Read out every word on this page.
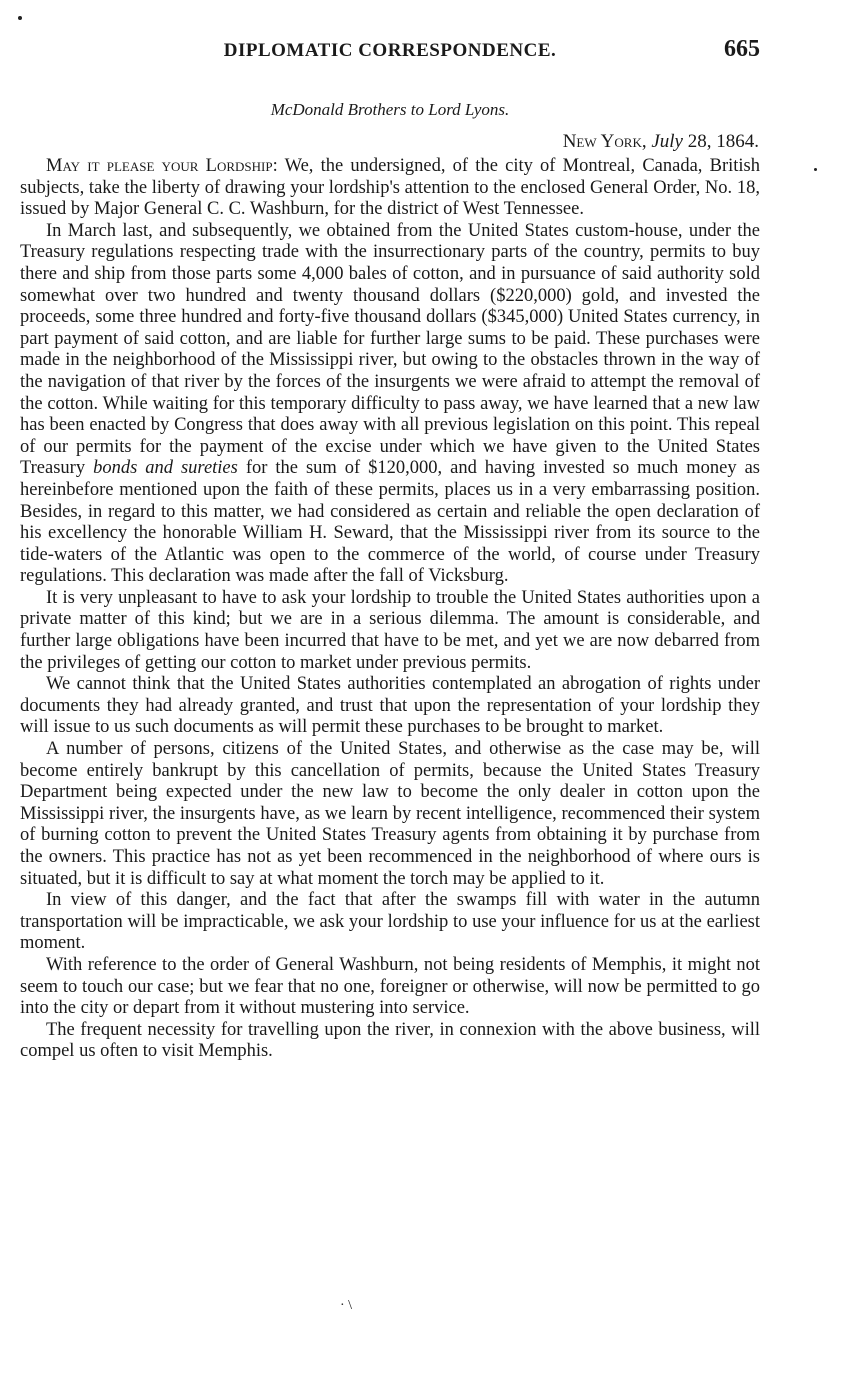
DIPLOMATIC CORRESPONDENCE.	665
McDonald Brothers to Lord Lyons.
New York, July 28, 1864.

May it please your Lordship: We, the undersigned, of the city of Montreal, Canada, British subjects, take the liberty of drawing your lordship's attention to the enclosed General Order, No. 18, issued by Major General C. C. Washburn, for the district of West Tennessee.

In March last, and subsequently, we obtained from the United States custom-house, under the Treasury regulations respecting trade with the insurrectionary parts of the country, permits to buy there and ship from those parts some 4,000 bales of cotton, and in pursuance of said authority sold somewhat over two hundred and twenty thousand dollars ($220,000) gold, and invested the proceeds, some three hundred and forty-five thousand dollars ($345,000) United States currency, in part payment of said cotton, and are liable for further large sums to be paid. These purchases were made in the neighborhood of the Mississippi river, but owing to the obstacles thrown in the way of the navigation of that river by the forces of the insurgents we were afraid to attempt the removal of the cotton. While waiting for this temporary difficulty to pass away, we have learned that a new law has been enacted by Congress that does away with all previous legislation on this point. This repeal of our permits for the payment of the excise under which we have given to the United States Treasury bonds and sureties for the sum of $120,000, and having invested so much money as hereinbefore mentioned upon the faith of these permits, places us in a very embarrassing position. Besides, in regard to this matter, we had considered as certain and reliable the open declaration of his excellency the honorable William H. Seward, that the Mississippi river from its source to the tide-waters of the Atlantic was open to the commerce of the world, of course under Treasury regulations. This declaration was made after the fall of Vicksburg.

It is very unpleasant to have to ask your lordship to trouble the United States authorities upon a private matter of this kind; but we are in a serious dilemma. The amount is considerable, and further large obligations have been incurred that have to be met, and yet we are now debarred from the privileges of getting our cotton to market under previous permits.

We cannot think that the United States authorities contemplated an abrogation of rights under documents they had already granted, and trust that upon the representation of your lordship they will issue to us such documents as will permit these purchases to be brought to market.

A number of persons, citizens of the United States, and otherwise as the case may be, will become entirely bankrupt by this cancellation of permits, because the United States Treasury Department being expected under the new law to become the only dealer in cotton upon the Mississippi river, the insurgents have, as we learn by recent intelligence, recommenced their system of burning cotton to prevent the United States Treasury agents from obtaining it by purchase from the owners. This practice has not as yet been recommenced in the neighborhood of where ours is situated, but it is difficult to say at what moment the torch may be applied to it.

In view of this danger, and the fact that after the swamps fill with water in the autumn transportation will be impracticable, we ask your lordship to use your influence for us at the earliest moment.

With reference to the order of General Washburn, not being residents of Memphis, it might not seem to touch our case; but we fear that no one, foreigner or otherwise, will now be permitted to go into the city or depart from it without mustering into service.

The frequent necessity for travelling upon the river, in connexion with the above business, will compel us often to visit Memphis.

· \
